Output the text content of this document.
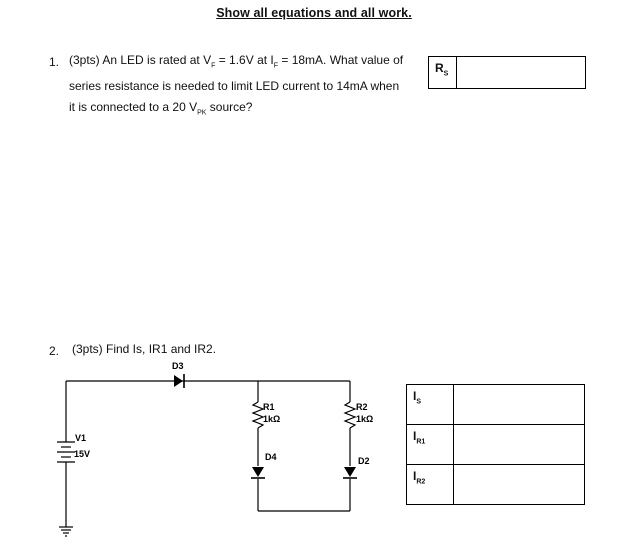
Show all equations and all work.
1. (3pts) An LED is rated at $V_F = 1.6V$ at $I_F = 18mA$. What value of
series resistance is needed to limit LED current to 14mA when
it is connected to a 20 $V_{PK}$ source?
$R_S$	
2. (3pts) Find Is, IR1 and IR2.
$I_S$	
$I_{R1}$	
$I_{R2}$	
D3
V1
15V
R1
1kΩ
D4
R2
1kΩ
D2
